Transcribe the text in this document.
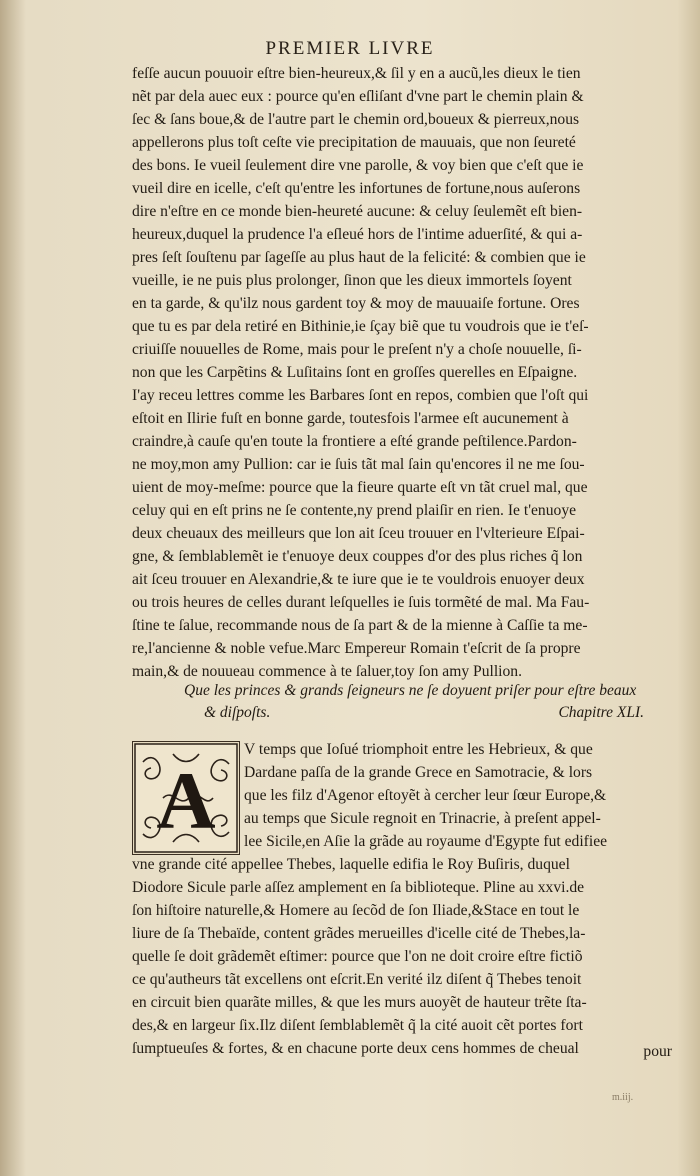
PREMIER LIVRE
feſſe aucun pouuoir eſtre bien-heureux,& ſil y en a aucũ,les dieux le tien
nẽt par dela auec eux : pource qu'en eſliſant d'vne part le chemin plain &
ſec & ſans boue,& de l'autre part le chemin ord,boueux & pierreux,nous
appellerons plus toſt ceſte vie precipitation de mauuais, que non ſeureté
des bons. Ie vueil ſeulement dire vne parolle, & voy bien que c'eſt que ie
vueil dire en icelle, c'eſt qu'entre les infortunes de fortune,nous auſerons
dire n'eſtre en ce monde bien-heureté aucune: & celuy ſeulemẽt eſt bien-
heureux,duquel la prudence l'a eſleué hors de l'intime aduerſité, & qui a-
pres ſeſt ſouſtenu par ſageſſe au plus haut de la felicité: & combien que ie
vueille, ie ne puis plus prolonger, ſinon que les dieux immortels ſoyent
en ta garde, & qu'ilz nous gardent toy & moy de mauuaiſe fortune. Ores
que tu es par dela retiré en Bithinie,ie ſçay biẽ que tu voudrois que ie t'eſ-
criuiſſe nouuelles de Rome, mais pour le preſent n'y a choſe nouuelle, ſi-
non que les Carpẽtins & Luſitains ſont en groſſes querelles en Eſpaigne.
I'ay receu lettres comme les Barbares ſont en repos, combien que l'oſt qui
eſtoit en Ilirie fuſt en bonne garde, toutesfois l'armee eſt aucunement à
craindre,à cauſe qu'en toute la frontiere a eſté grande peſtilence.Pardon-
ne moy,mon amy Pullion: car ie ſuis tãt mal ſain qu'encores il ne me ſou-
uient de moy-meſme: pource que la fieure quarte eſt vn tãt cruel mal, que
celuy qui en eſt prins ne ſe contente,ny prend plaiſir en rien. Ie t'enuoye
deux cheuaux des meilleurs que lon ait ſceu trouuer en l'vlterieure Eſpai-
gne, & ſemblablemẽt ie t'enuoye deux couppes d'or des plus riches q̃ lon
ait ſceu trouuer en Alexandrie,& te iure que ie te vouldrois enuoyer deux
ou trois heures de celles durant leſquelles ie ſuis tormẽté de mal. Ma Fau-
ſtine te ſalue, recommande nous de ſa part & de la mienne à Caſſie ta me-
re,l'ancienne & noble vefue.Marc Empereur Romain t'eſcrit de ſa propre
main,& de nouueau commence à te ſaluer,toy ſon amy Pullion.
Que les princes & grands ſeigneurs ne ſe doyuent priſer pour eſtre beaux
& diſpoſts.	Chapitre XLI.
A
V temps que Ioſué triomphoit entre les Hebrieux, & que
Dardane paſſa de la grande Grece en Samotracie, & lors
que les filz d'Agenor eſtoyẽt à cercher leur ſœur Europe,&
au temps que Sicule regnoit en Trinacrie, à preſent appel-
lee Sicile,en Aſie la grãde au royaume d'Egypte fut edifiee
vne grande cité appellee Thebes, laquelle edifia le Roy Buſiris, duquel
Diodore Sicule parle aſſez amplement en ſa biblioteque. Pline au xxvi.de
ſon hiſtoire naturelle,& Homere au ſecõd de ſon Iliade,&Stace en tout le
liure de ſa Thebaïde, content grãdes merueilles d'icelle cité de Thebes,la-
quelle ſe doit grãdemẽt eſtimer: pource que l'on ne doit croire eſtre fictiõ
ce qu'autheurs tãt excellens ont eſcrit.En verité ilz diſent q̃ Thebes tenoit
en circuit bien quarãte milles, & que les murs auoyẽt de hauteur trẽte ſta-
des,& en largeur ſix.Ilz diſent ſemblablemẽt q̃ la cité auoit cẽt portes fort
ſumptueuſes & fortes, & en chacune porte deux cens hommes de cheual
m.iij.
pour
